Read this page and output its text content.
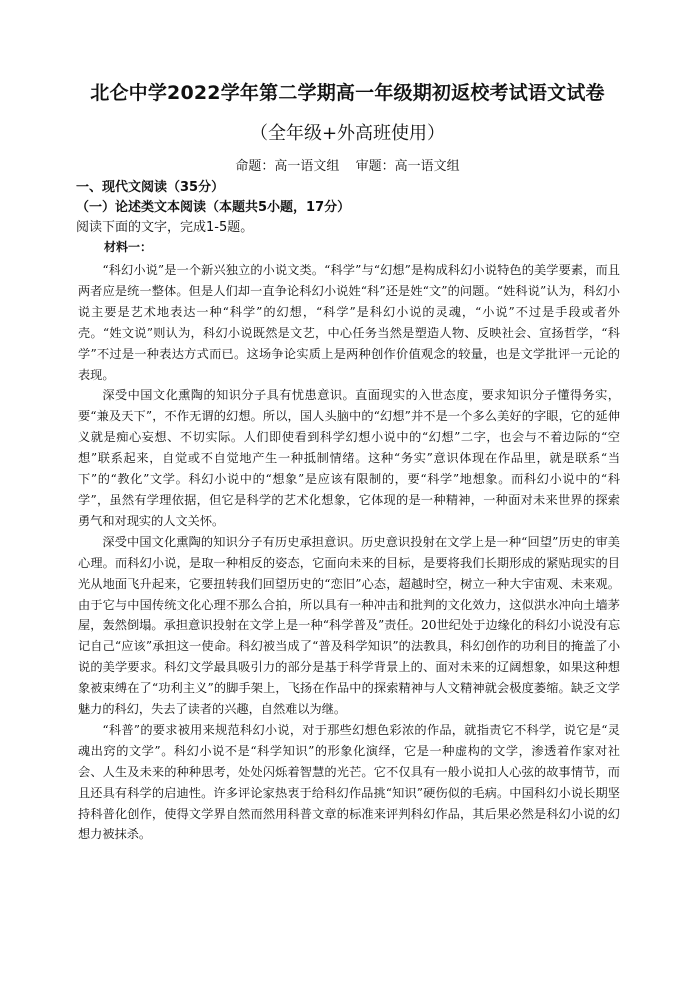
北仑中学2022学年第二学期高一年级期初返校考试语文试卷
（全年级+外高班使用）
命题：高一语文组 审题：高一语文组
一、现代文阅读（35分）
（一）论述类文本阅读（本题共5小题，17分）
阅读下面的文字，完成1-5题。
材料一：

“科幻小说”是一个新兴独立的小说文类。“科学”与“幻想”是构成科幻小说特色的美学要素，而且两者应是统一整体。但是人们却一直争论科幻小说姓“科”还是姓“文”的问题。“姓科说”认为，科幻小说主要是艺术地表达一种“科学”的幻想，“科学”是科幻小说的灵魂，“小说”不过是手段或者外壳。“姓文说”则认为，科幻小说既然是文艺，中心任务当然是塑造人物、反映社会、宣扬哲学，“科学”不过是一种表达方式而已。这场争论实质上是两种创作价值观念的较量，也是文学批评一元论的表现。

深受中国文化熏陶的知识分子具有忧患意识。直面现实的入世态度，要求知识分子懂得务实，要“兼及天下”，不作无谓的幻想。所以，国人头脑中的“幻想”并不是一个多么美好的字眼，它的延伸义就是痴心妄想、不切实际。人们即使看到科学幻想小说中的“幻想”二字，也会与不着边际的“空想”联系起来，自觉或不自觉地产生一种抵制情绪。这种“务实”意识体现在作品里，就是联系“当下”的“教化”文学。科幻小说中的“想象”是应该有限制的，要“科学”地想象。而科幻小说中的“科学”，虽然有学理依据，但它是科学的艺术化想象，它体现的是一种精神，一种面对未来世界的探索勇气和对现实的人文关怀。

深受中国文化熏陶的知识分子有历史承担意识。历史意识投射在文学上是一种“回望”历史的审美心理。而科幻小说，是取一种相反的姿态，它面向未来的目标，是要将我们长期形成的紧贴现实的目光从地面飞升起来，它要扭转我们回望历史的“恋旧”心态，超越时空，树立一种大宇宙观、未来观。由于它与中国传统文化心理不那么合拍，所以具有一种冲击和批判的文化效力，这似洪水冲向土墙茅屋，轰然倒塌。承担意识投射在文学上是一种“科学普及”责任。20世纪处于边缘化的科幻小说没有忘记自己“应该”承担这一使命。科幻被当成了“普及科学知识”的法教具，科幻创作的功利目的掩盖了小说的美学要求。科幻文学最具吸引力的部分是基于科学背景上的、面对未来的辽阔想象，如果这种想象被束缚在了“功利主义”的脚手架上，飞扬在作品中的探索精神与人文精神就会极度萎缩。缺乏文学魅力的科幻，失去了读者的兴趣，自然难以为继。

“科普”的要求被用来规范科幻小说，对于那些幻想色彩浓的作品，就指责它不科学，说它是“灵魂出窍的文学”。科幻小说不是“科学知识”的形象化演绎，它是一种虚构的文学，渗透着作家对社会、人生及未来的种种思考，处处闪烁着智慧的光芒。它不仅具有一般小说扣人心弦的故事情节，而且还具有科学的启迪性。许多评论家热衷于给科幻作品挑“知识”硬伤似的毛病。中国科幻小说长期坚持科普化创作，使得文学界自然而然用科普文章的标准来评判科幻作品，其后果必然是科幻小说的幻想力被抹杀。
